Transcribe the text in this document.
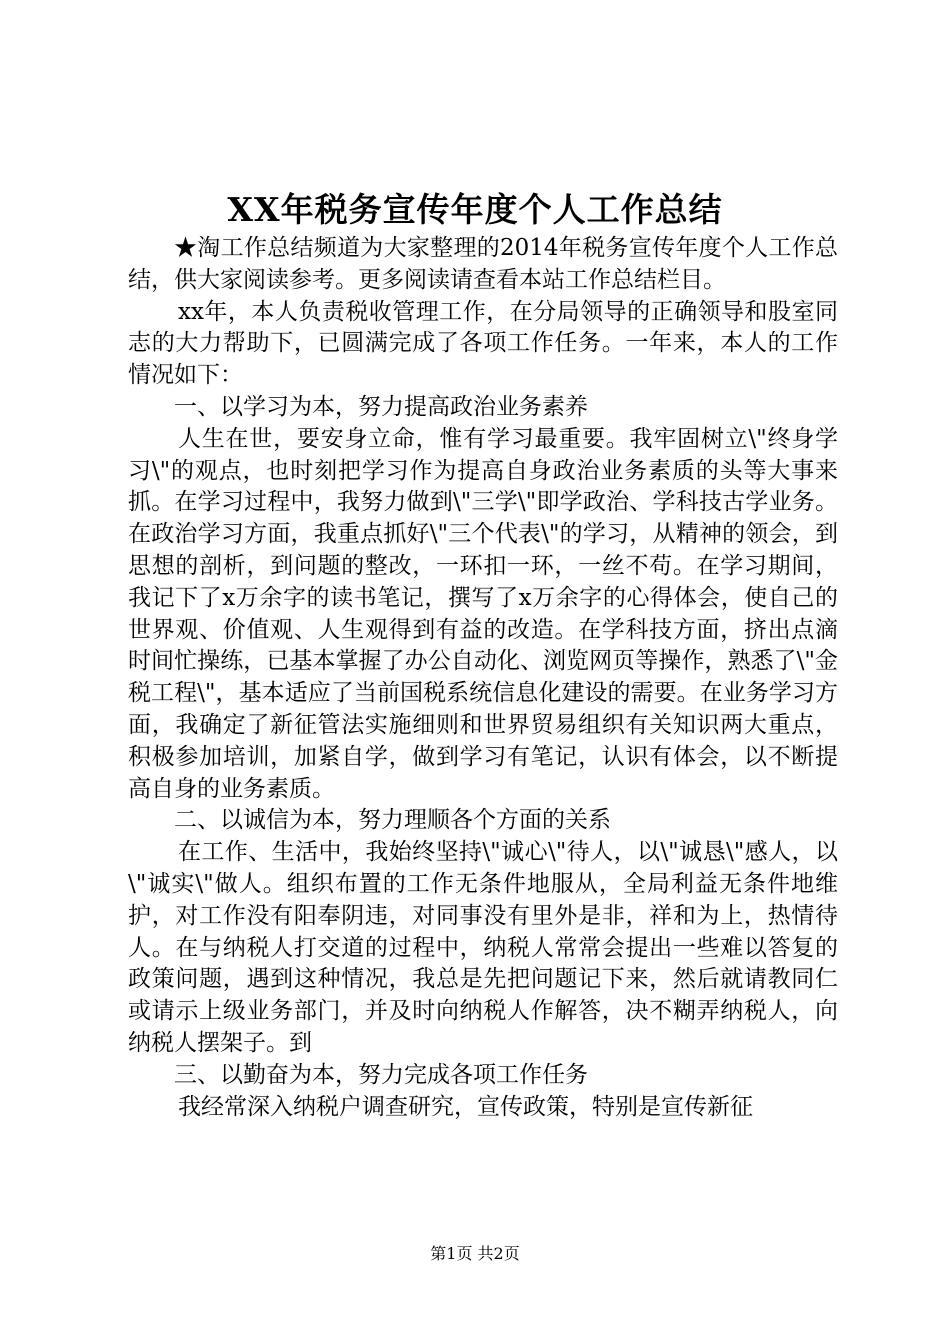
XX年税务宣传年度个人工作总结

★淘工作总结频道为大家整理的2014年税务宣传年度个人工作总结，供大家阅读参考。更多阅读请查看本站工作总结栏目。

xx年，本人负责税收管理工作，在分局领导的正确领导和股室同志的大力帮助下，已圆满完成了各项工作任务。一年来，本人的工作情况如下：

一、以学习为本，努力提高政治业务素养

人生在世，要安身立命，惟有学习最重要。我牢固树立\"终身学习\"的观点，也时刻把学习作为提高自身政治业务素质的头等大事来抓。在学习过程中，我努力做到\"三学\"即学政治、学科技古学业务。在政治学习方面，我重点抓好\"三个代表\"的学习，从精神的领会，到思想的剖析，到问题的整改，一环扣一环，一丝不苟。在学习期间，我记下了x万余字的读书笔记，撰写了x万余字的心得体会，使自己的世界观、价值观、人生观得到有益的改造。在学科技方面，挤出点滴时间忙操练，已基本掌握了办公自动化、浏览网页等操作，熟悉了\"金税工程\"，基本适应了当前国税系统信息化建设的需要。在业务学习方面，我确定了新征管法实施细则和世界贸易组织有关知识两大重点，积极参加培训，加紧自学，做到学习有笔记，认识有体会，以不断提高自身的业务素质。

二、以诚信为本，努力理顺各个方面的关系

在工作、生活中，我始终坚持\"诚心\"待人，以\"诚恳\"感人，以\"诚实\"做人。组织布置的工作无条件地服从，全局利益无条件地维护，对工作没有阳奉阴违，对同事没有里外是非，祥和为上，热情待人。在与纳税人打交道的过程中，纳税人常常会提出一些难以答复的政策问题，遇到这种情况，我总是先把问题记下来，然后就请教同仁或请示上级业务部门，并及时向纳税人作解答，决不糊弄纳税人，向纳税人摆架子。到

三、以勤奋为本，努力完成各项工作任务

我经常深入纳税户调查研究，宣传政策，特别是宣传新征

第1页 共2页
